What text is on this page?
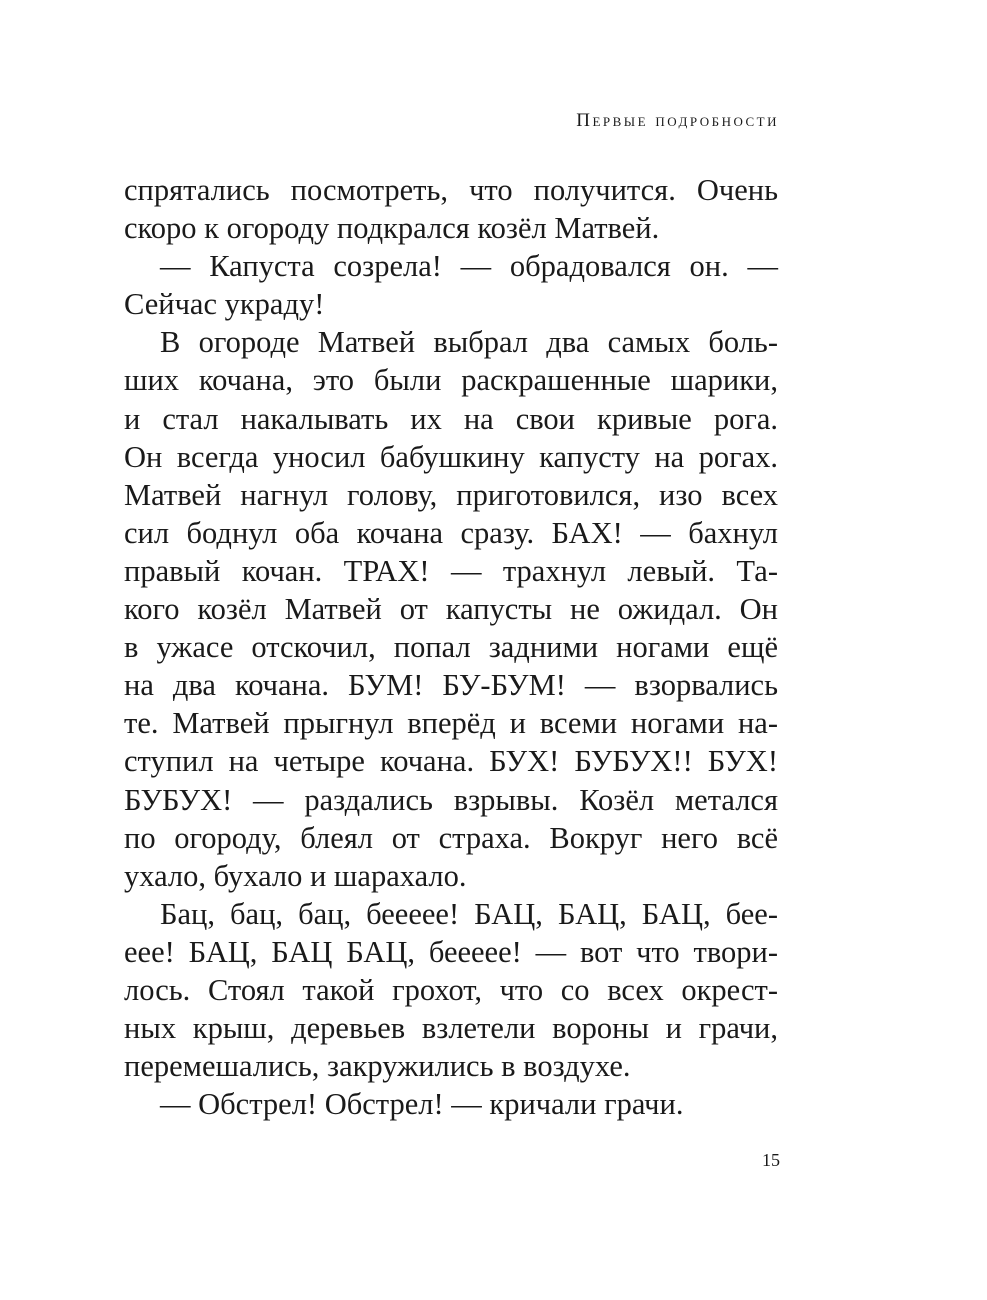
Первые подробности
спрятались посмотреть, что получится. Очень
скоро к огороду подкрался козёл Матвей.
— Капуста созрела! — обрадовался он. —
Сейчас украду!
В огороде Матвей выбрал два самых боль-
ших кочана, это были раскрашенные шарики,
и стал накалывать их на свои кривые рога.
Он всегда уносил бабушкину капусту на рогах.
Матвей нагнул голову, приготовился, изо всех
сил боднул оба кочана сразу. БАХ! — бахнул
правый кочан. ТРАХ! — трахнул левый. Та-
кого козёл Матвей от капусты не ожидал. Он
в ужасе отскочил, попал задними ногами ещё
на два кочана. БУМ! БУ-БУМ! — взорвались
те. Матвей прыгнул вперёд и всеми ногами на-
ступил на четыре кочана. БУХ! БУБУХ!! БУХ!
БУБУХ! — раздались взрывы. Козёл метался
по огороду, блеял от страха. Вокруг него всё
ухало, бухало и шарахало.
Бац, бац, бац, бееeee! БАЦ, БАЦ, БАЦ, бее-
еее! БАЦ, БАЦ БАЦ, бееeee! — вот что твори-
лось. Стоял такой грохот, что со всех окрест-
ных крыш, деревьев взлетели вороны и грачи,
перемешались, закружились в воздухе.
— Обстрел! Обстрел! — кричали грачи.
15
